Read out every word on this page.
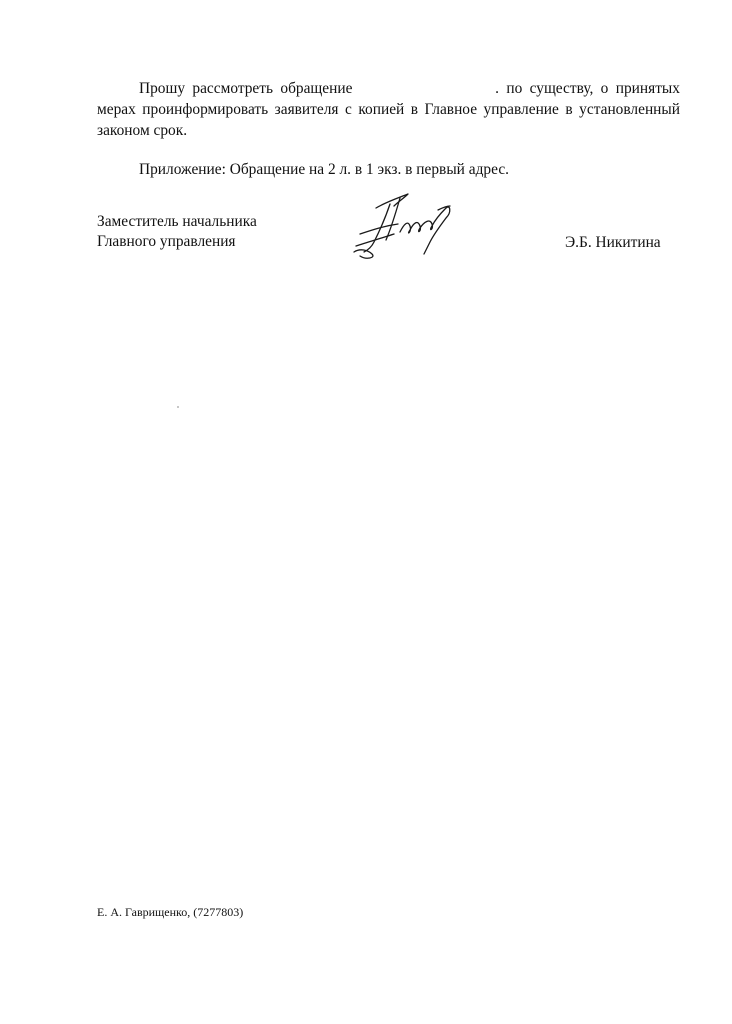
Прошу рассмотреть обращение	. по существу, о принятых мерах проинформировать заявителя с копией в Главное управление в установленный законом срок.

Приложение: Обращение на 2 л. в 1 экз. в первый адрес.

Заместитель начальника
Главного управления	Э.Б. Никитина

Е. А. Гаврищенко, (7277803)
